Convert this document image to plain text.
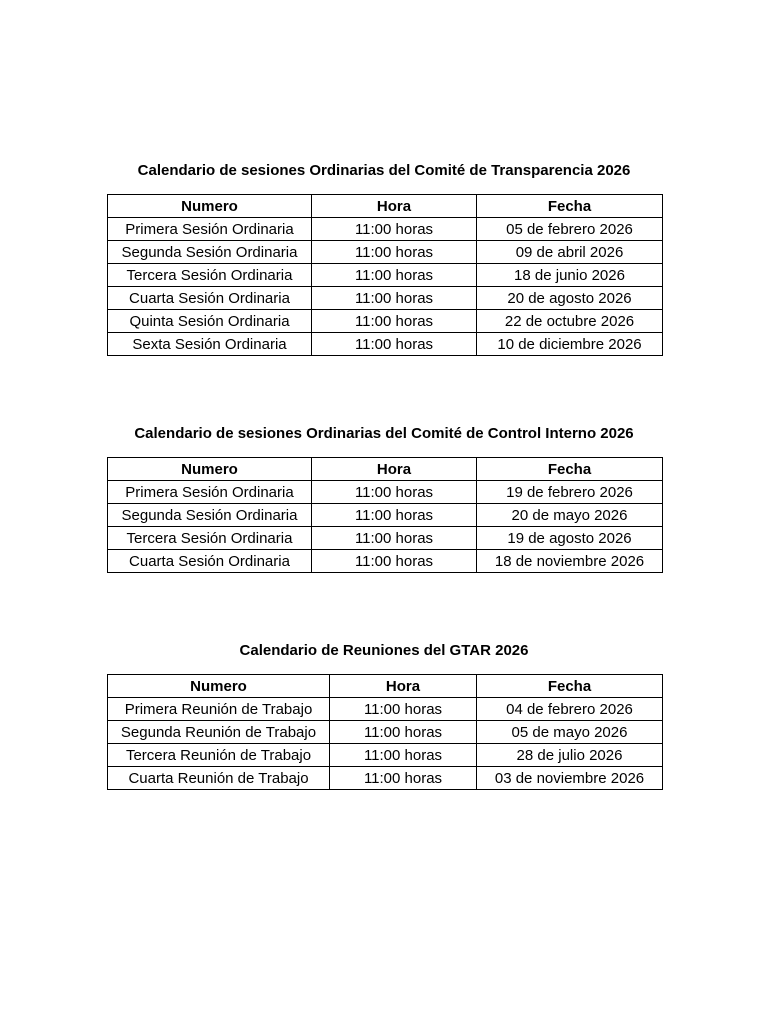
Calendario de sesiones Ordinarias del Comité de Transparencia 2026
Numero	Hora	Fecha
Primera Sesión Ordinaria	11:00 horas	05 de febrero 2026
Segunda Sesión Ordinaria	11:00 horas	09 de abril 2026
Tercera Sesión Ordinaria	11:00 horas	18 de junio 2026
Cuarta Sesión Ordinaria	11:00 horas	20 de agosto 2026
Quinta Sesión Ordinaria	11:00 horas	22 de octubre 2026
Sexta Sesión Ordinaria	11:00 horas	10 de diciembre 2026
Calendario de sesiones Ordinarias del Comité de Control Interno 2026
Numero	Hora	Fecha
Primera Sesión Ordinaria	11:00 horas	19 de febrero 2026
Segunda Sesión Ordinaria	11:00 horas	20 de mayo 2026
Tercera Sesión Ordinaria	11:00 horas	19 de agosto 2026
Cuarta Sesión Ordinaria	11:00 horas	18 de noviembre 2026
Calendario de Reuniones del GTAR 2026
Numero	Hora	Fecha
Primera Reunión de Trabajo	11:00 horas	04 de febrero 2026
Segunda Reunión de Trabajo	11:00 horas	05 de mayo 2026
Tercera Reunión de Trabajo	11:00 horas	28 de julio 2026
Cuarta Reunión de Trabajo	11:00 horas	03 de noviembre 2026
